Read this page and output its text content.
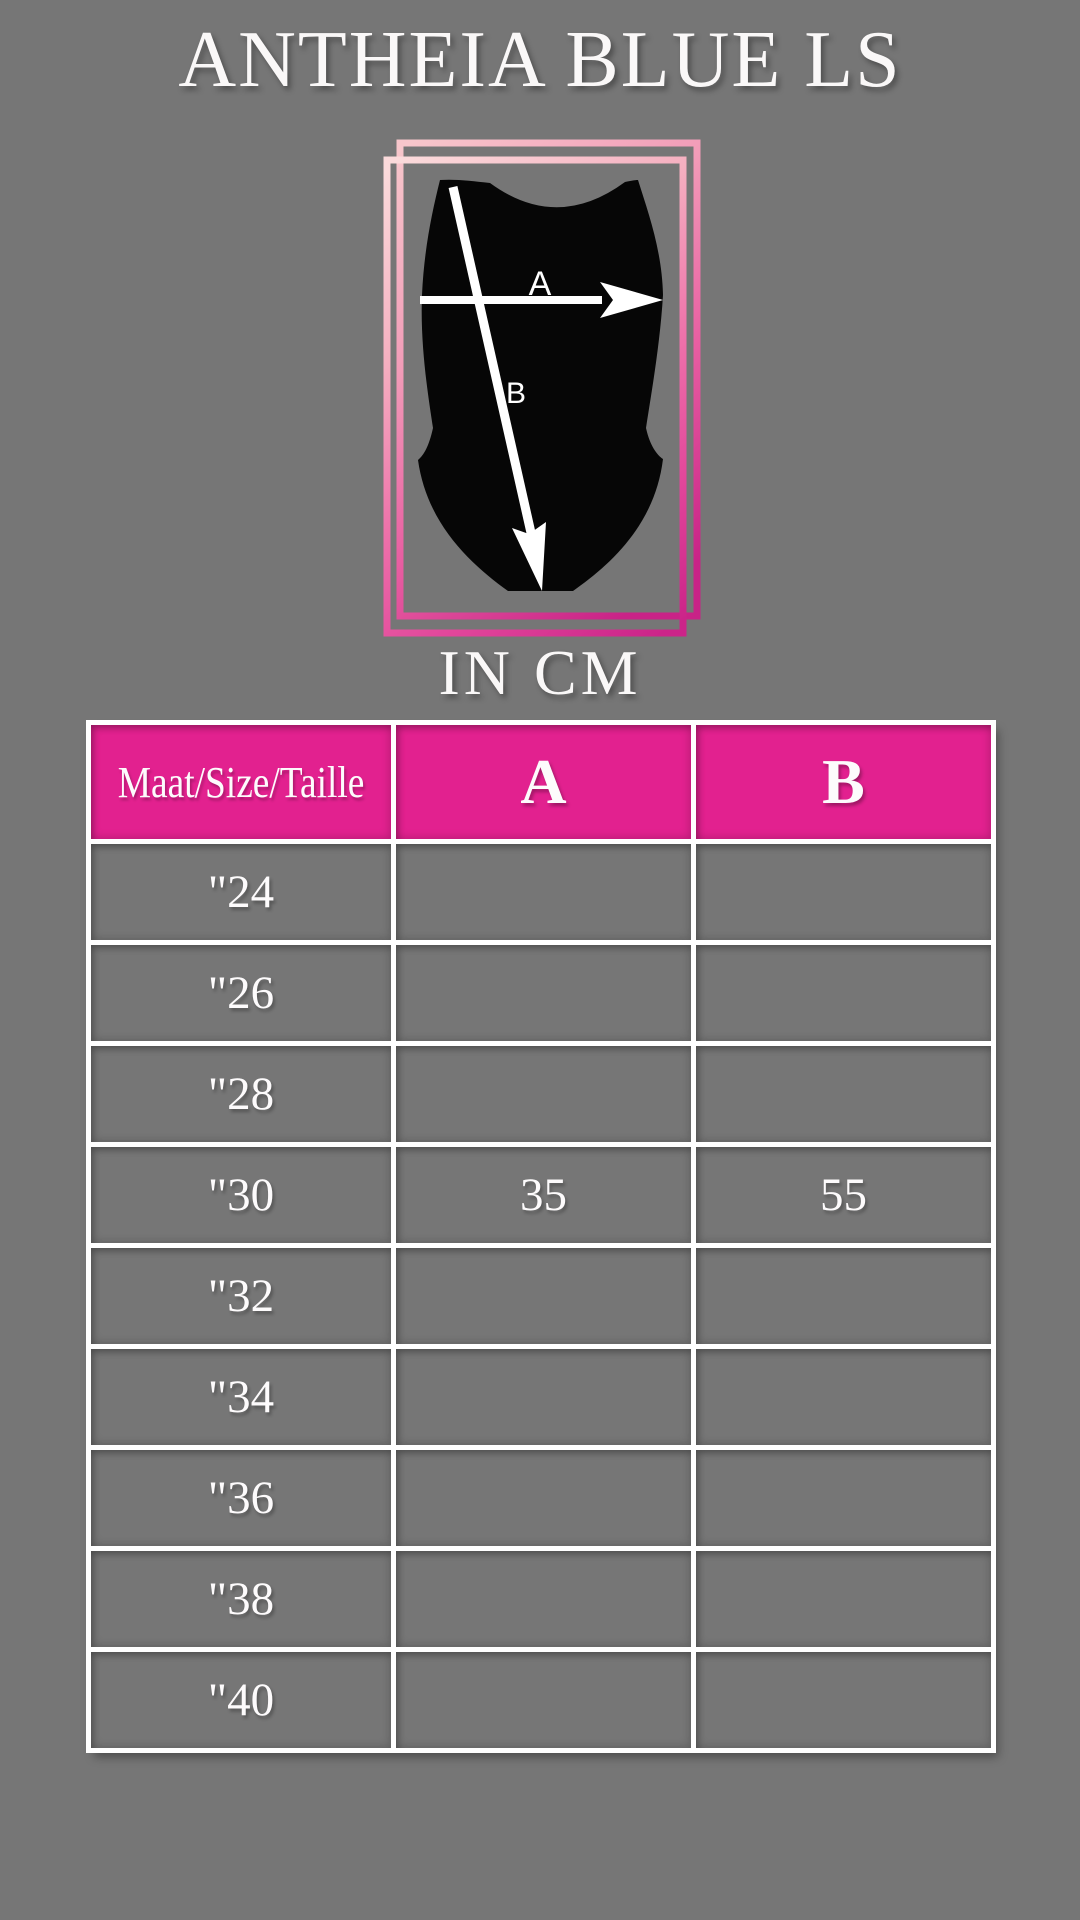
ANTHEIA BLUE LS
A
B
IN CM
Maat/Size/Taille A	B
"24
"26
"28
"30	35	55
"32
"34
"36
"38
"40
